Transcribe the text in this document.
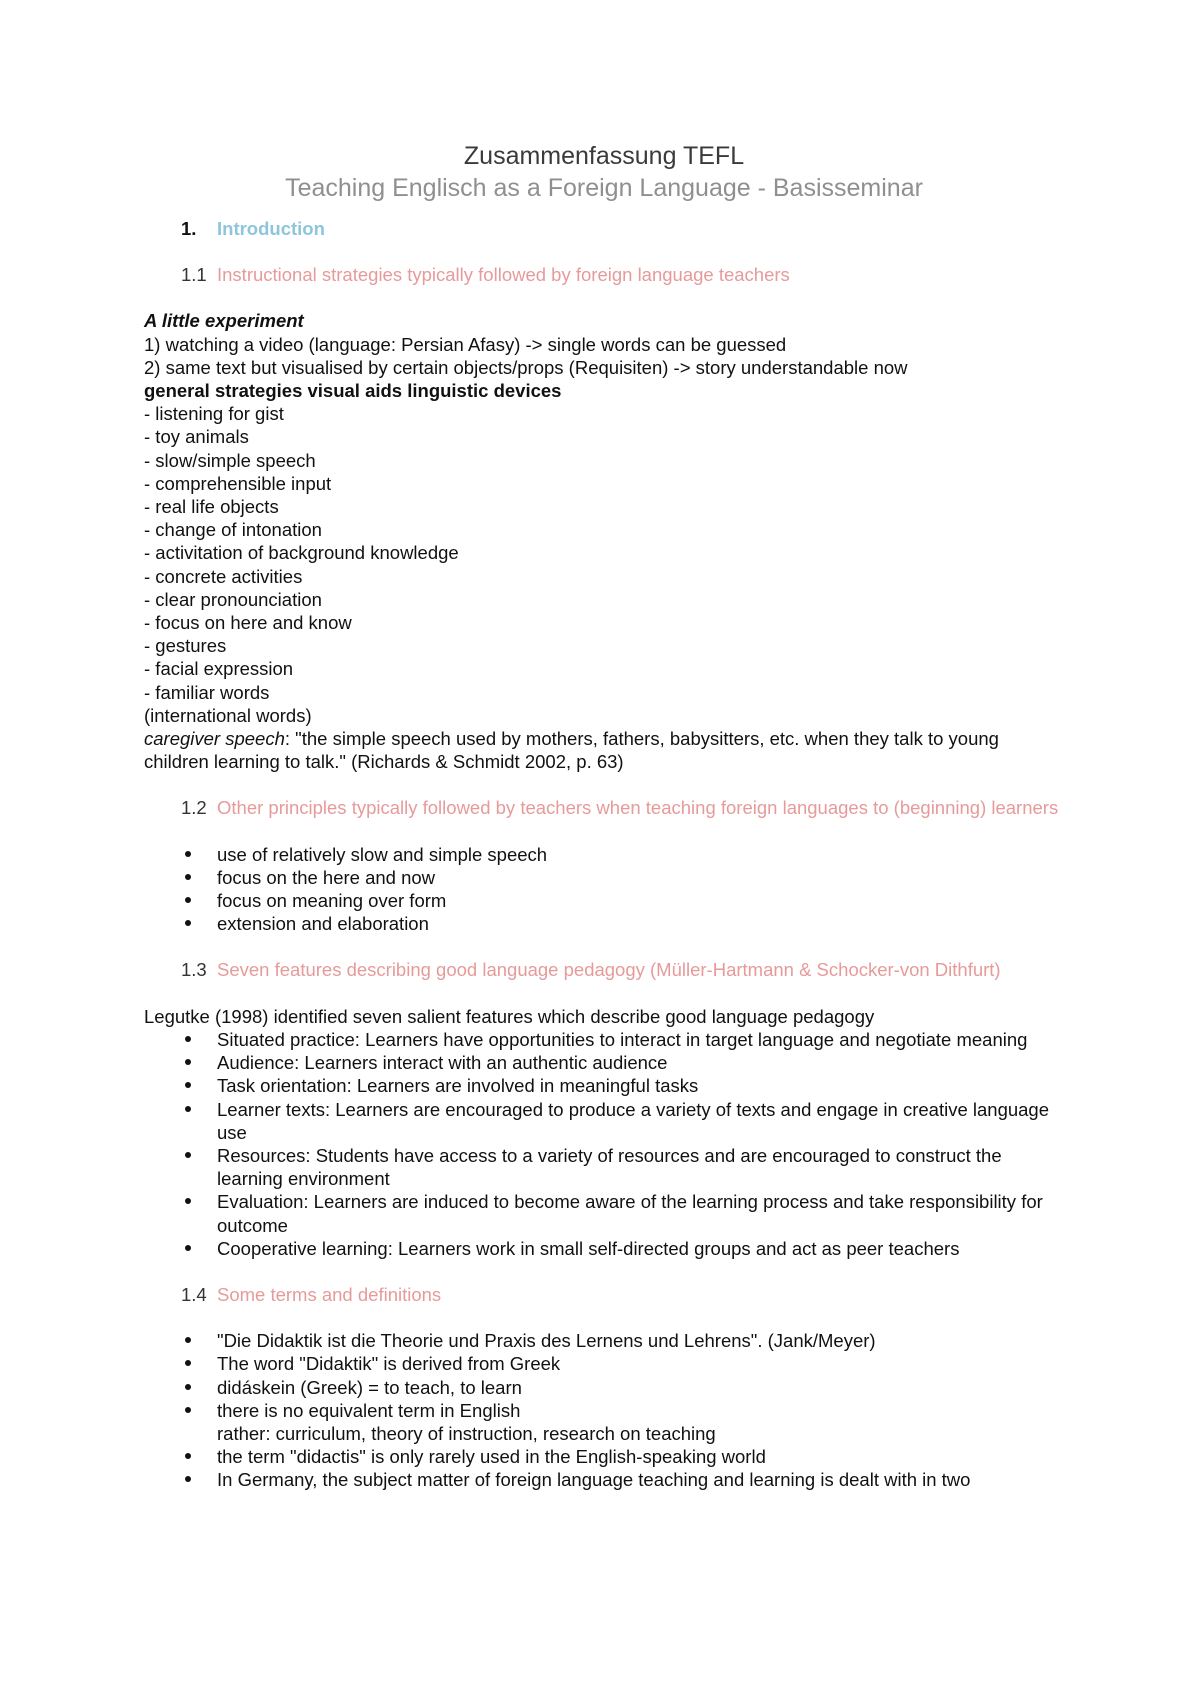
Zusammenfassung TEFL
Teaching Englisch as a Foreign Language - Basisseminar
1.	Introduction
1.1 Instructional strategies typically followed by foreign language teachers
A little experiment
1) watching a video (language: Persian Afasy) -> single words can be guessed
2) same text but visualised by certain objects/props (Requisiten) -> story understandable now
general strategies visual aids linguistic devices
- listening for gist
- toy animals
- slow/simple speech
- comprehensible input
- real life objects
- change of intonation
- activitation of background knowledge
- concrete activities
- clear pronounciation
- focus on here and know
- gestures
- facial expression
- familiar words
(international words)
caregiver speech: "the simple speech used by mothers, fathers, babysitters, etc. when they talk to young children learning to talk." (Richards & Schmidt 2002, p. 63)
1.2 Other principles typically followed by teachers when teaching foreign languages to (beginning) learners
use of relatively slow and simple speech
focus on the here and now
focus on meaning over form
extension and elaboration
1.3 Seven features describing good language pedagogy (Müller-Hartmann & Schocker-von Dithfurt)
Legutke (1998) identified seven salient features which describe good language pedagogy
Situated practice: Learners have opportunities to interact in target language and negotiate meaning
Audience: Learners interact with an authentic audience
Task orientation: Learners are involved in meaningful tasks
Learner texts: Learners are encouraged to produce a variety of texts and engage in creative language use
Resources: Students have access to a variety of resources and are encouraged to construct the learning environment
Evaluation: Learners are induced to become aware of the learning process and take responsibility for outcome
Cooperative learning: Learners work in small self-directed groups and act as peer teachers
1.4 Some terms and definitions
"Die Didaktik ist die Theorie und Praxis des Lernens und Lehrens". (Jank/Meyer)
The word "Didaktik" is derived from Greek
didáskein (Greek) = to teach, to learn
there is no equivalent term in English
rather: curriculum, theory of instruction, research on teaching
the term "didactis" is only rarely used in the English-speaking world
In Germany, the subject matter of foreign language teaching and learning is dealt with in two
